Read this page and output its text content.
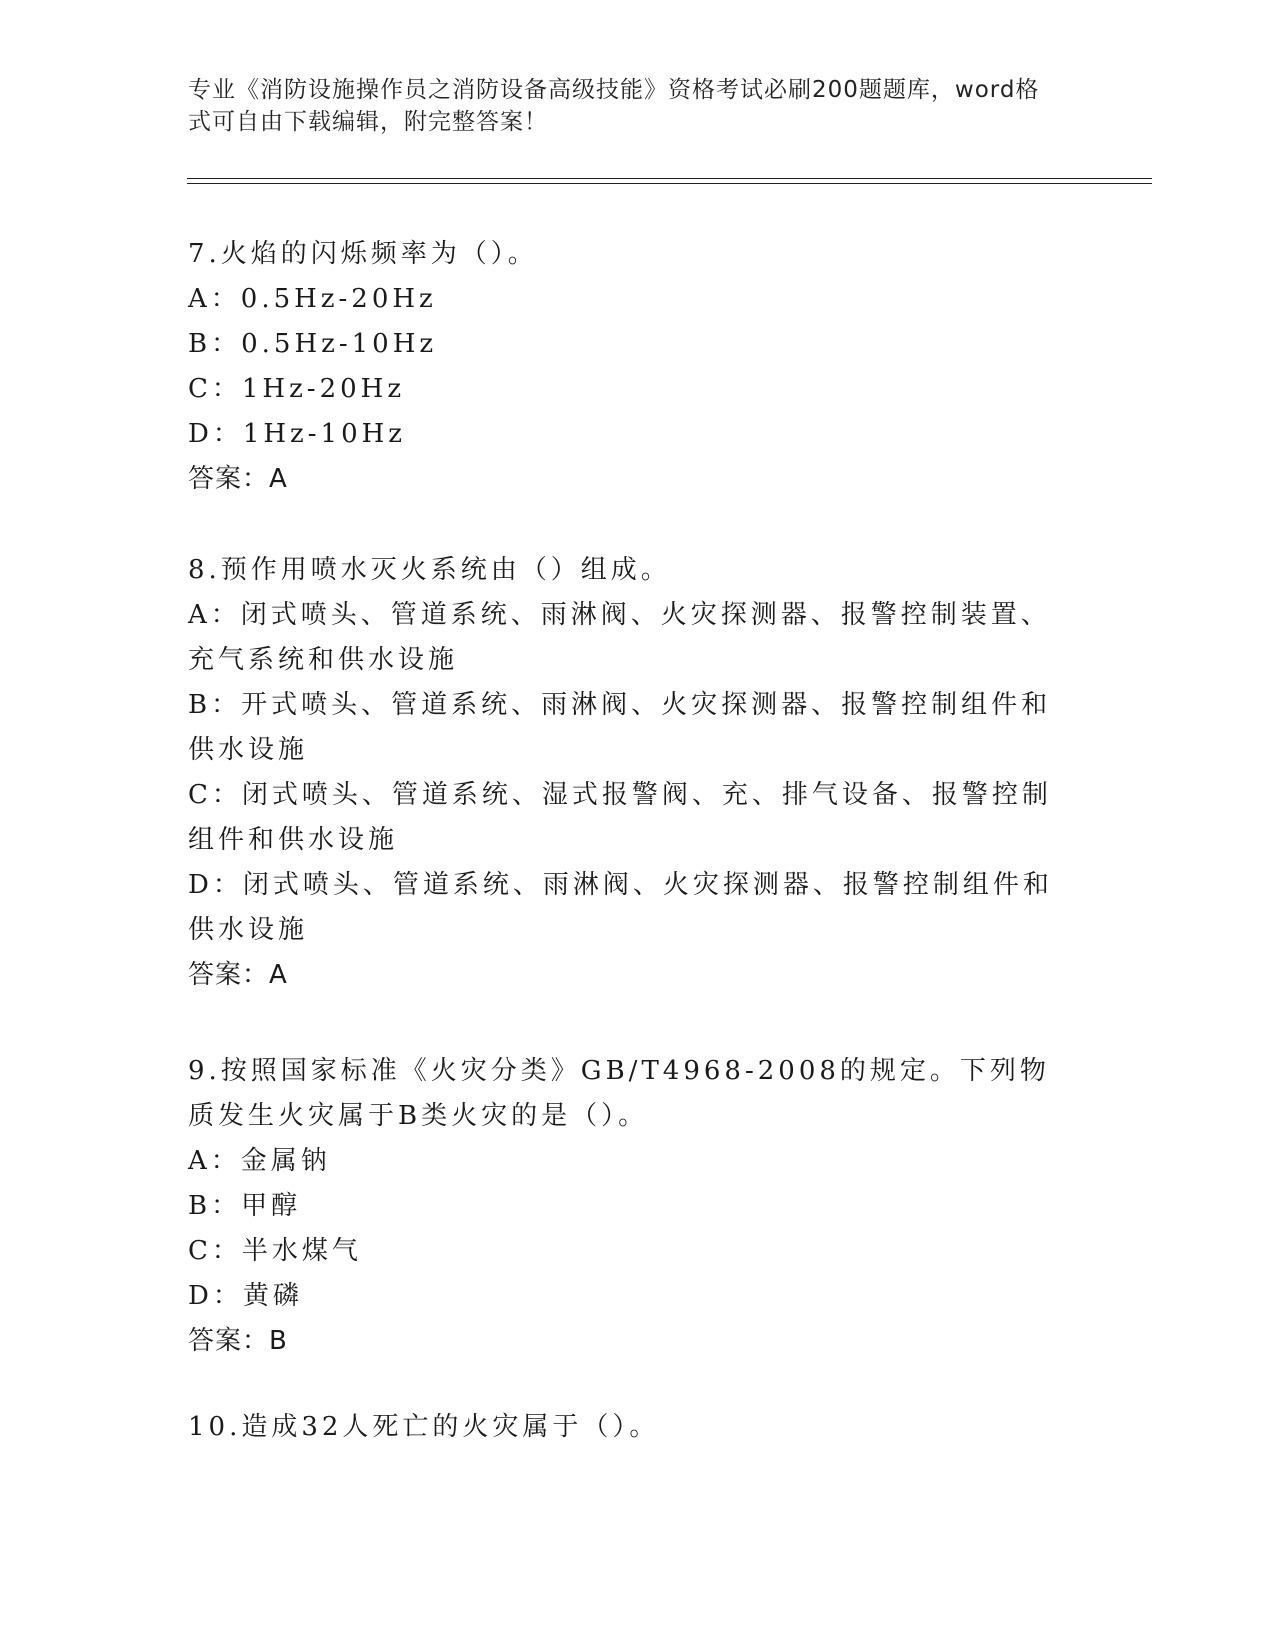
专业《消防设施操作员之消防设备高级技能》资格考试必刷200题题库，word格
式可自由下载编辑，附完整答案！
7.火焰的闪烁频率为（）。
A：0.5Hz-20Hz
B：0.5Hz-10Hz
C：1Hz-20Hz
D：1Hz-10Hz
答案：A
8.预作用喷水灭火系统由（）组成。
A：闭式喷头、管道系统、雨淋阀、火灾探测器、报警控制装置、充气系统和供水设施
B：开式喷头、管道系统、雨淋阀、火灾探测器、报警控制组件和供水设施
C：闭式喷头、管道系统、湿式报警阀、充、排气设备、报警控制组件和供水设施
D：闭式喷头、管道系统、雨淋阀、火灾探测器、报警控制组件和供水设施
答案：A
9.按照国家标准《火灾分类》GB/T4968-2008的规定。下列物质发生火灾属于B类火灾的是（）。
A：金属钠
B：甲醇
C：半水煤气
D：黄磷
答案：B
10.造成32人死亡的火灾属于（）。
